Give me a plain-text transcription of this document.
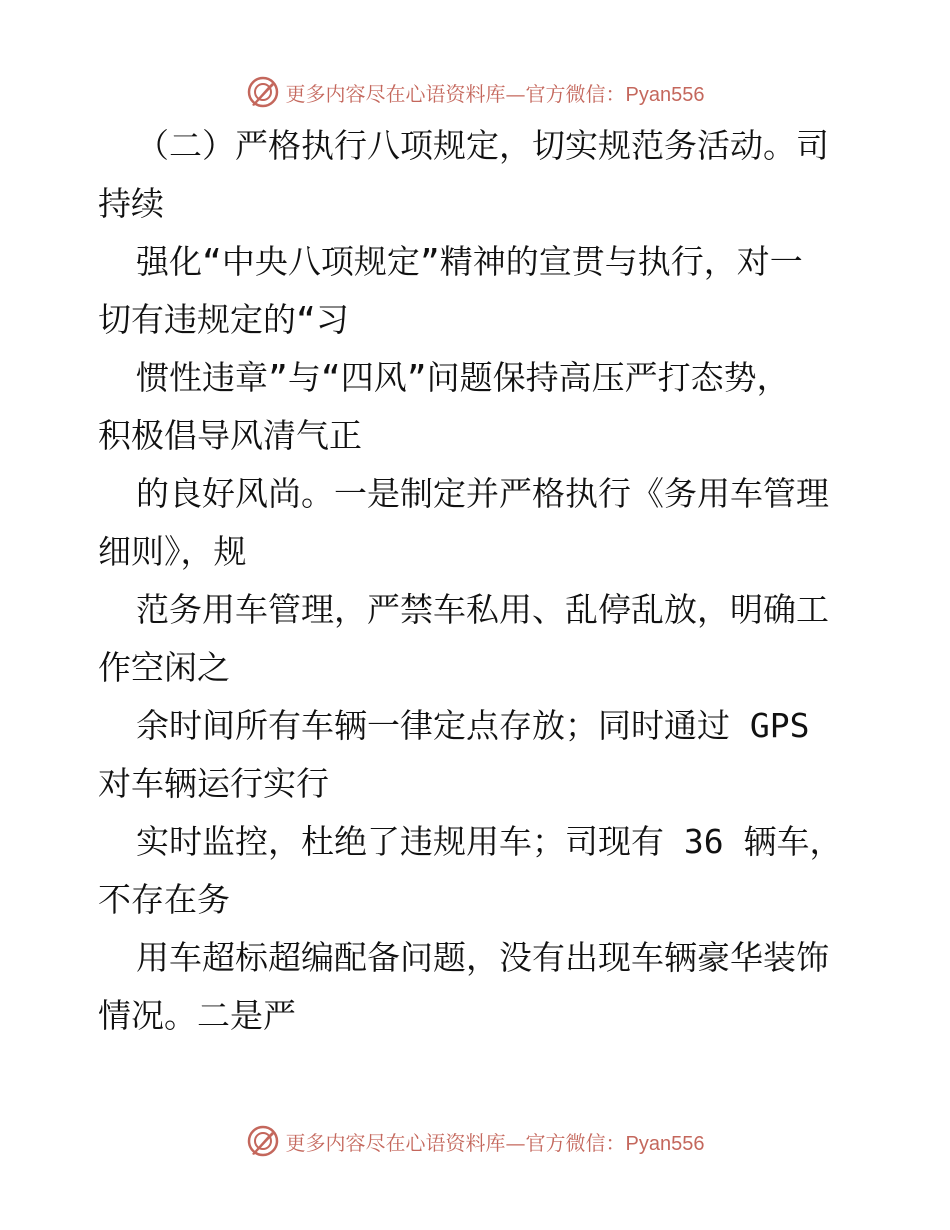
更多内容尽在心语资料库—官方微信：Pyan556
（二）严格执行八项规定，切实规范务活动。司
持续
强化“中央八项规定”精神的宣贯与执行，对一
切有违规定的“习
惯性违章”与“四风”问题保持高压严打态势，
积极倡导风清气正
的良好风尚。一是制定并严格执行《务用车管理
细则》，规
范务用车管理，严禁车私用、乱停乱放，明确工
作空闲之
余时间所有车辆一律定点存放；同时通过 GPS
对车辆运行实行
实时监控，杜绝了违规用车；司现有 36 辆车，
不存在务
用车超标超编配备问题，没有出现车辆豪华装饰
情况。二是严
更多内容尽在心语资料库—官方微信：Pyan556
